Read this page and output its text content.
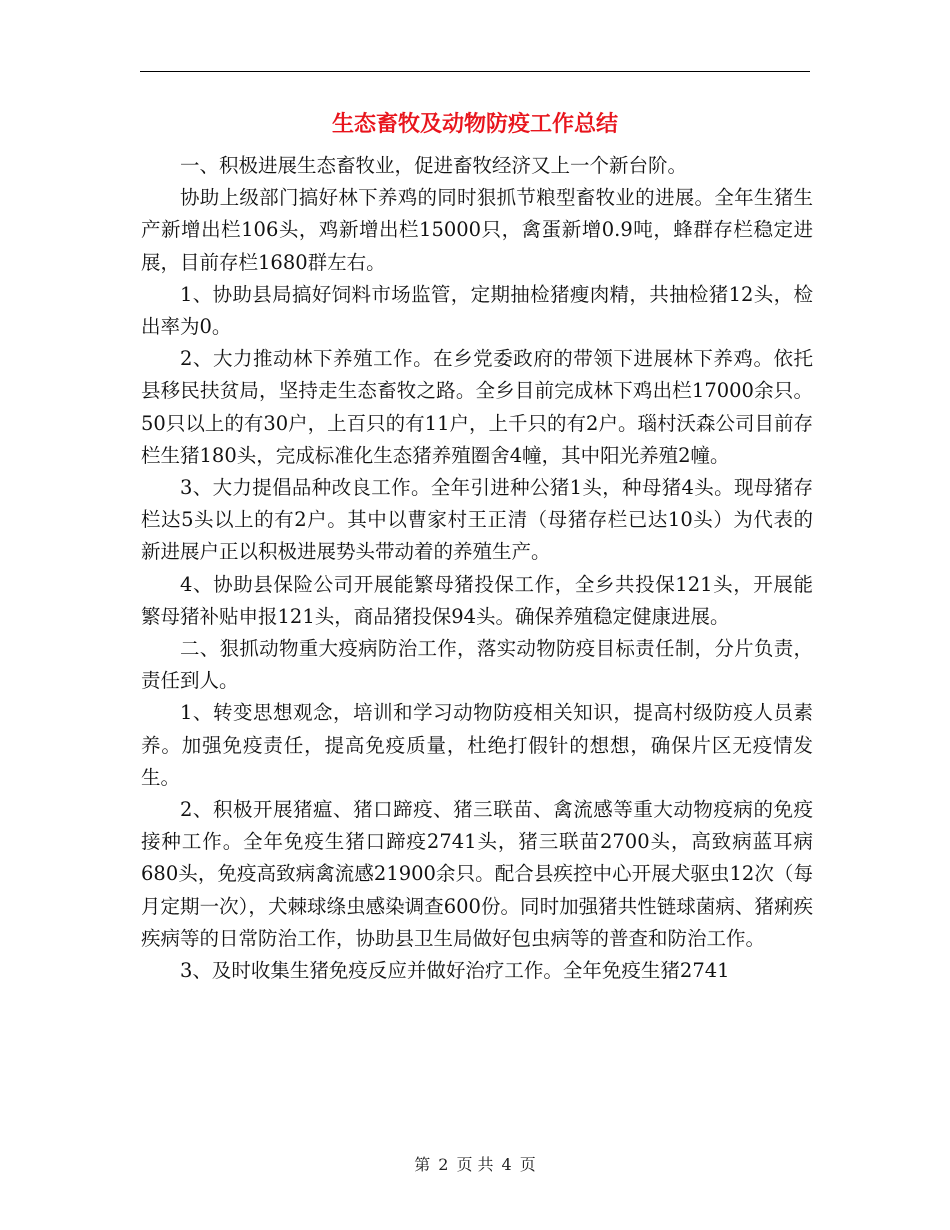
生态畜牧及动物防疫工作总结

一、积极进展生态畜牧业，促进畜牧经济又上一个新台阶。

协助上级部门搞好林下养鸡的同时狠抓节粮型畜牧业的进展。全年生猪生产新增出栏106头，鸡新增出栏15000只，禽蛋新增0.9吨，蜂群存栏稳定进展，目前存栏1680群左右。

1、协助县局搞好饲料市场监管，定期抽检猪瘦肉精，共抽检猪12头，检出率为0。

2、大力推动林下养殖工作。在乡党委政府的带领下进展林下养鸡。依托县移民扶贫局，坚持走生态畜牧之路。全乡目前完成林下鸡出栏17000余只。50只以上的有30户，上百只的有11户，上千只的有2户。瑙村沃森公司目前存栏生猪180头，完成标准化生态猪养殖圈舍4幢，其中阳光养殖2幢。

3、大力提倡品种改良工作。全年引进种公猪1头，种母猪4头。现母猪存栏达5头以上的有2户。其中以曹家村王正清（母猪存栏已达10头）为代表的新进展户正以积极进展势头带动着的养殖生产。

4、协助县保险公司开展能繁母猪投保工作，全乡共投保121头，开展能繁母猪补贴申报121头，商品猪投保94头。确保养殖稳定健康进展。

二、狠抓动物重大疫病防治工作，落实动物防疫目标责任制，分片负责，责任到人。

1、转变思想观念，培训和学习动物防疫相关知识，提高村级防疫人员素养。加强免疫责任，提高免疫质量，杜绝打假针的想想，确保片区无疫情发生。

2、积极开展猪瘟、猪口蹄疫、猪三联苗、禽流感等重大动物疫病的免疫接种工作。全年免疫生猪口蹄疫2741头，猪三联苗2700头，高致病蓝耳病680头，免疫高致病禽流感21900余只。配合县疾控中心开展犬驱虫12次（每月定期一次），犬棘球绦虫感染调查600份。同时加强猪共性链球菌病、猪痢疾疾病等的日常防治工作，协助县卫生局做好包虫病等的普查和防治工作。

3、及时收集生猪免疫反应并做好治疗工作。全年免疫生猪2741

第 2 页 共 4 页
